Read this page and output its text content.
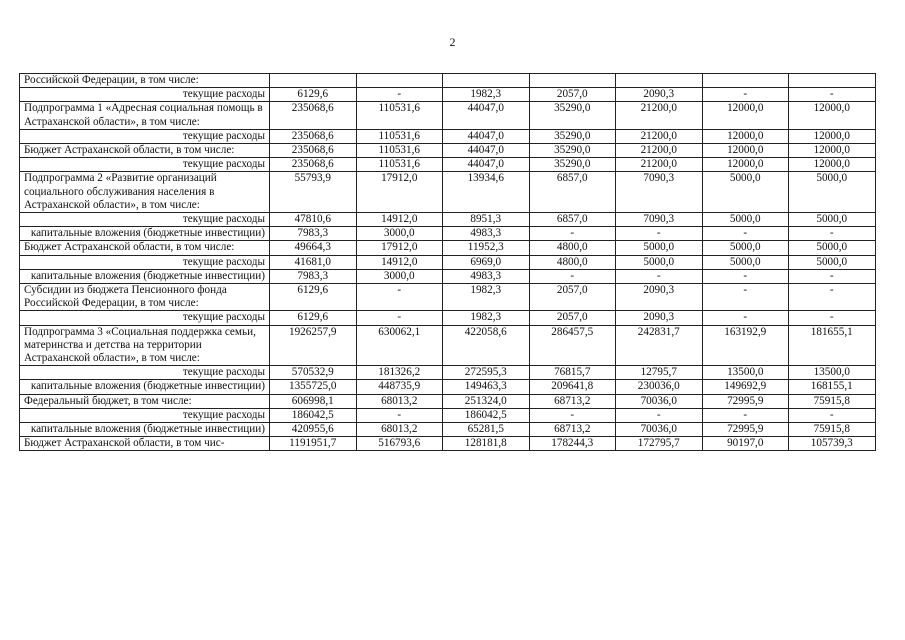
2
Российской Федерации, в том числе:							
текущие расходы	6129,6	-	1982,3	2057,0	2090,3	-	-
Подпрограмма 1 «Адресная социальная помощь в Астраханской области», в том числе:	235068,6	110531,6	44047,0	35290,0	21200,0	12000,0	12000,0
текущие расходы	235068,6	110531,6	44047,0	35290,0	21200,0	12000,0	12000,0
Бюджет Астраханской области, в том числе:	235068,6	110531,6	44047,0	35290,0	21200,0	12000,0	12000,0
текущие расходы	235068,6	110531,6	44047,0	35290,0	21200,0	12000,0	12000,0
Подпрограмма 2 «Развитие организаций социального обслуживания населения в Астраханской области», в том числе:	55793,9	17912,0	13934,6	6857,0	7090,3	5000,0	5000,0
текущие расходы	47810,6	14912,0	8951,3	6857,0	7090,3	5000,0	5000,0
капитальные вложения (бюджетные инвестиции)	7983,3	3000,0	4983,3	-	-	-	-
Бюджет Астраханской области, в том числе:	49664,3	17912,0	11952,3	4800,0	5000,0	5000,0	5000,0
текущие расходы	41681,0	14912,0	6969,0	4800,0	5000,0	5000,0	5000,0
капитальные вложения (бюджетные инвестиции)	7983,3	3000,0	4983,3	-	-	-	-
Субсидии из бюджета Пенсионного фонда Российской Федерации, в том числе:	6129,6	-	1982,3	2057,0	2090,3	-	-
текущие расходы	6129,6	-	1982,3	2057,0	2090,3	-	-
Подпрограмма 3 «Социальная поддержка семьи, материнства и детства на территории Астраханской области», в том числе:	1926257,9	630062,1	422058,6	286457,5	242831,7	163192,9	181655,1
текущие расходы	570532,9	181326,2	272595,3	76815,7	12795,7	13500,0	13500,0
капитальные вложения (бюджетные инвестиции)	1355725,0	448735,9	149463,3	209641,8	230036,0	149692,9	168155,1
Федеральный бюджет, в том числе:	606998,1	68013,2	251324,0	68713,2	70036,0	72995,9	75915,8
текущие расходы	186042,5	-	186042,5	-	-	-	-
капитальные вложения (бюджетные инвестиции)	420955,6	68013,2	65281,5	68713,2	70036,0	72995,9	75915,8
Бюджет Астраханской области, в том чис-	1191951,7	516793,6	128181,8	178244,3	172795,7	90197,0	105739,3
